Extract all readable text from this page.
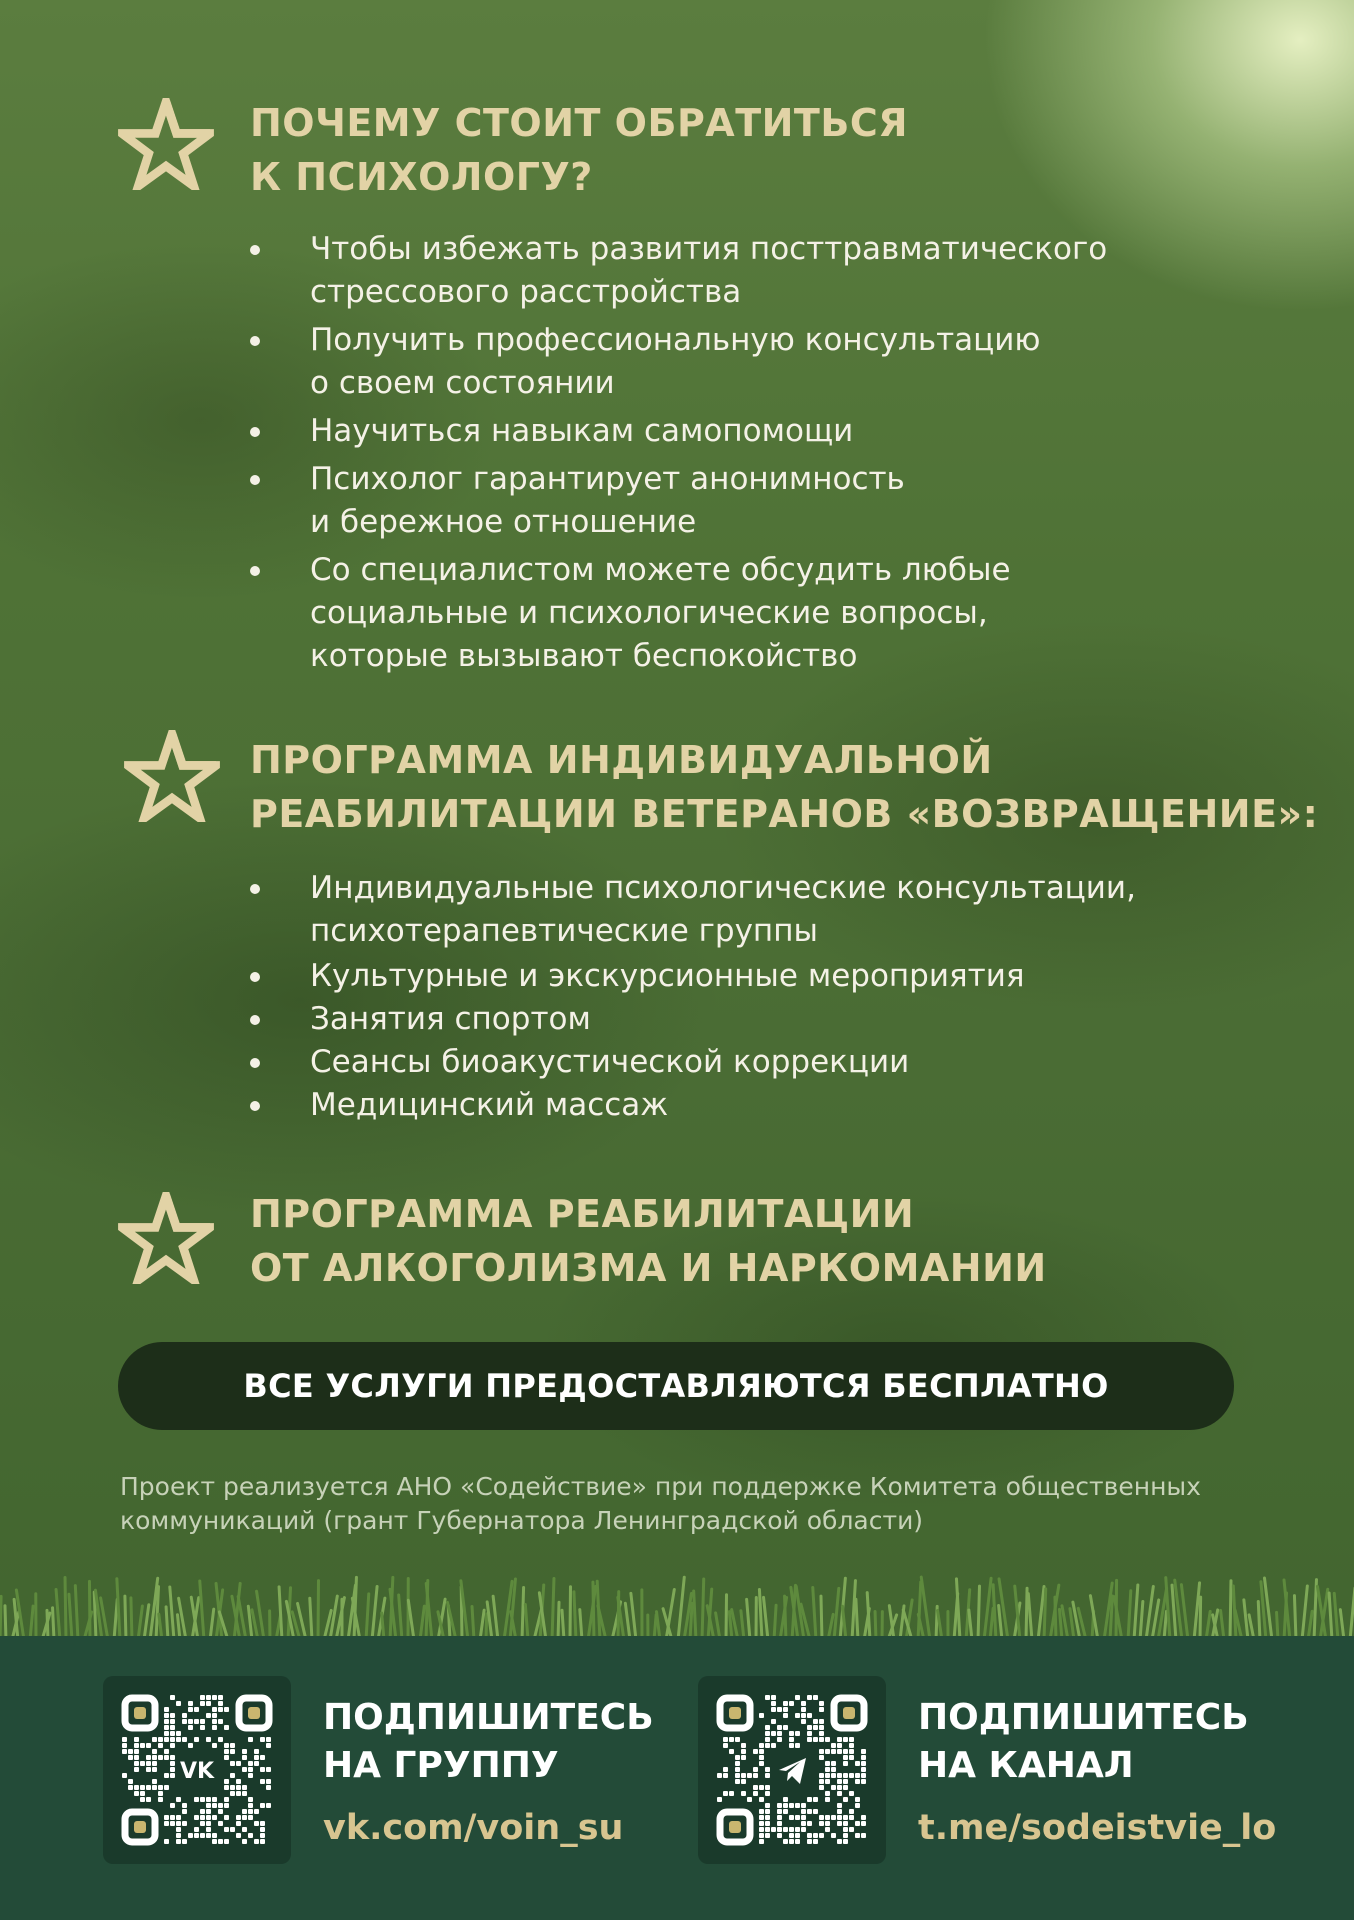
ПОЧЕМУ СТОИТ ОБРАТИТЬСЯ
К ПСИХОЛОГУ?
Чтобы избежать развития посттравматического
стрессового расстройства
Получить профессиональную консультацию
о своем состоянии
Научиться навыкам самопомощи
Психолог гарантирует анонимность
и бережное отношение
Со специалистом можете обсудить любые
социальные и психологические вопросы,
которые вызывают беспокойство
ПРОГРАММА ИНДИВИДУАЛЬНОЙ
РЕАБИЛИТАЦИИ ВЕТЕРАНОВ «ВОЗВРАЩЕНИЕ»:
Индивидуальные психологические консультации,
психотерапевтические группы
Культурные и экскурсионные мероприятия
Занятия спортом
Сеансы биоакустической коррекции
Медицинский массаж
ПРОГРАММА РЕАБИЛИТАЦИИ
ОТ АЛКОГОЛИЗМА И НАРКОМАНИИ
ВСЕ УСЛУГИ ПРЕДОСТАВЛЯЮТСЯ БЕСПЛАТНО
Проект реализуется АНО «Содействие» при поддержке Комитета общественных
коммуникаций (грант Губернатора Ленинградской области)
VK
ПОДПИШИТЕСЬ
НА ГРУППУ
vk.com/voin_su
ПОДПИШИТЕСЬ
НА КАНАЛ
t.me/sodeistvie_lo
